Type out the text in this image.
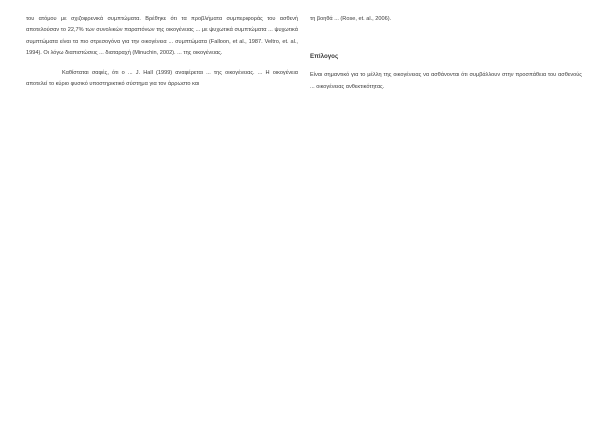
του ατόμου με σχιζοφρενικά συμπτώματα. Βρέθηκε ότι τα προβλήματα συμπεριφοράς του ασθενή αποτελούσαν το 22,7% των συνολικών παραπόνων της οικογένειας ... με ψυχωτικά συμπτώματα ... ψυχωτικά συμπτώματα είναι τα πιο στρεσογόνα για την οικογένεια ... συμπτώματα (Falloon, et al., 1987. Veltro, et. al., 1994). Οι λόγω διαπιστώσεις ... διαταραχή (Minuchin, 2002). ... της οικογένειας.

Καθίσταται σαφές, ότι ο ... J. Hall (1999) αναφέρεται ... της οικογένειας. ... Η οικογένεια αποτελεί το κύριο φυσικό υποστηρικτικό σύστημα για τον άρρωστο και

τη βοηθά ... (Rose, et. al., 2006).

Επίλογος

Είναι σημαντικό για το μέλλη της οικογένειας να ασθάνονται ότι συμβάλλουν στην προσπάθεια του ασθενούς ... οικογένειας ανθεκτικότητας.
